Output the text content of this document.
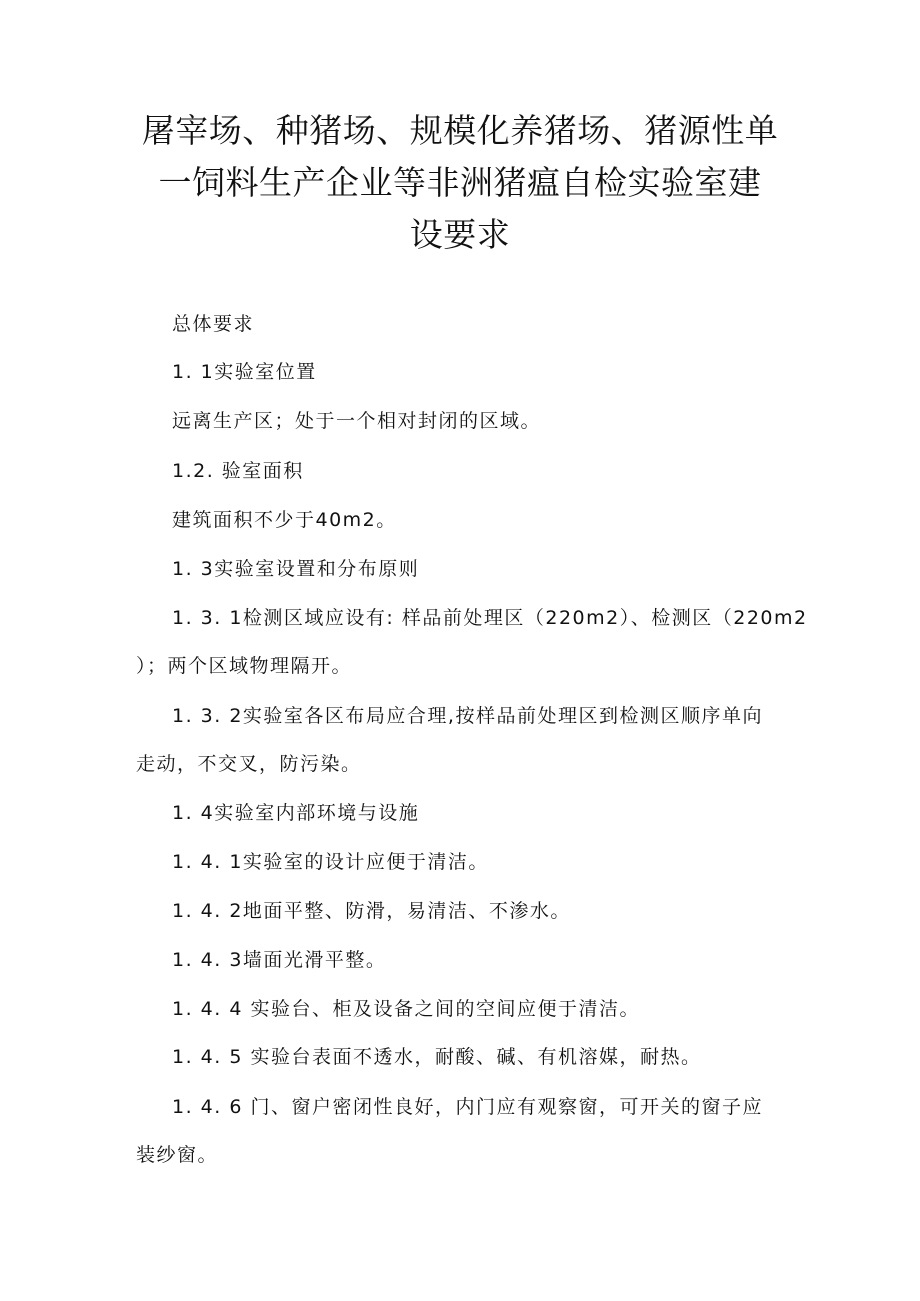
屠宰场、种猪场、规模化养猪场、猪源性单
一饲料生产企业等非洲猪瘟自检实验室建
设要求

总体要求

1. 1实验室位置

远离生产区；处于一个相对封闭的区域。

1.2. 验室面积

建筑面积不少于40m2。

1. 3实验室设置和分布原则

1. 3. 1检测区域应设有: 样品前处理区（220m2）、检测区（220m2

）；两个区域物理隔开。

1. 3. 2实验室各区布局应合理,按样品前处理区到检测区顺序单向

走动，不交叉，防污染。

1. 4实验室内部环境与设施

1. 4. 1实验室的设计应便于清洁。

1. 4. 2地面平整、防滑，易清洁、不渗水。

1. 4. 3墙面光滑平整。

1. 4. 4 实验台、柜及设备之间的空间应便于清洁。

1. 4. 5 实验台表面不透水，耐酸、碱、有机溶媒，耐热。

1. 4. 6 门、窗户密闭性良好，内门应有观察窗，可开关的窗子应

装纱窗。
